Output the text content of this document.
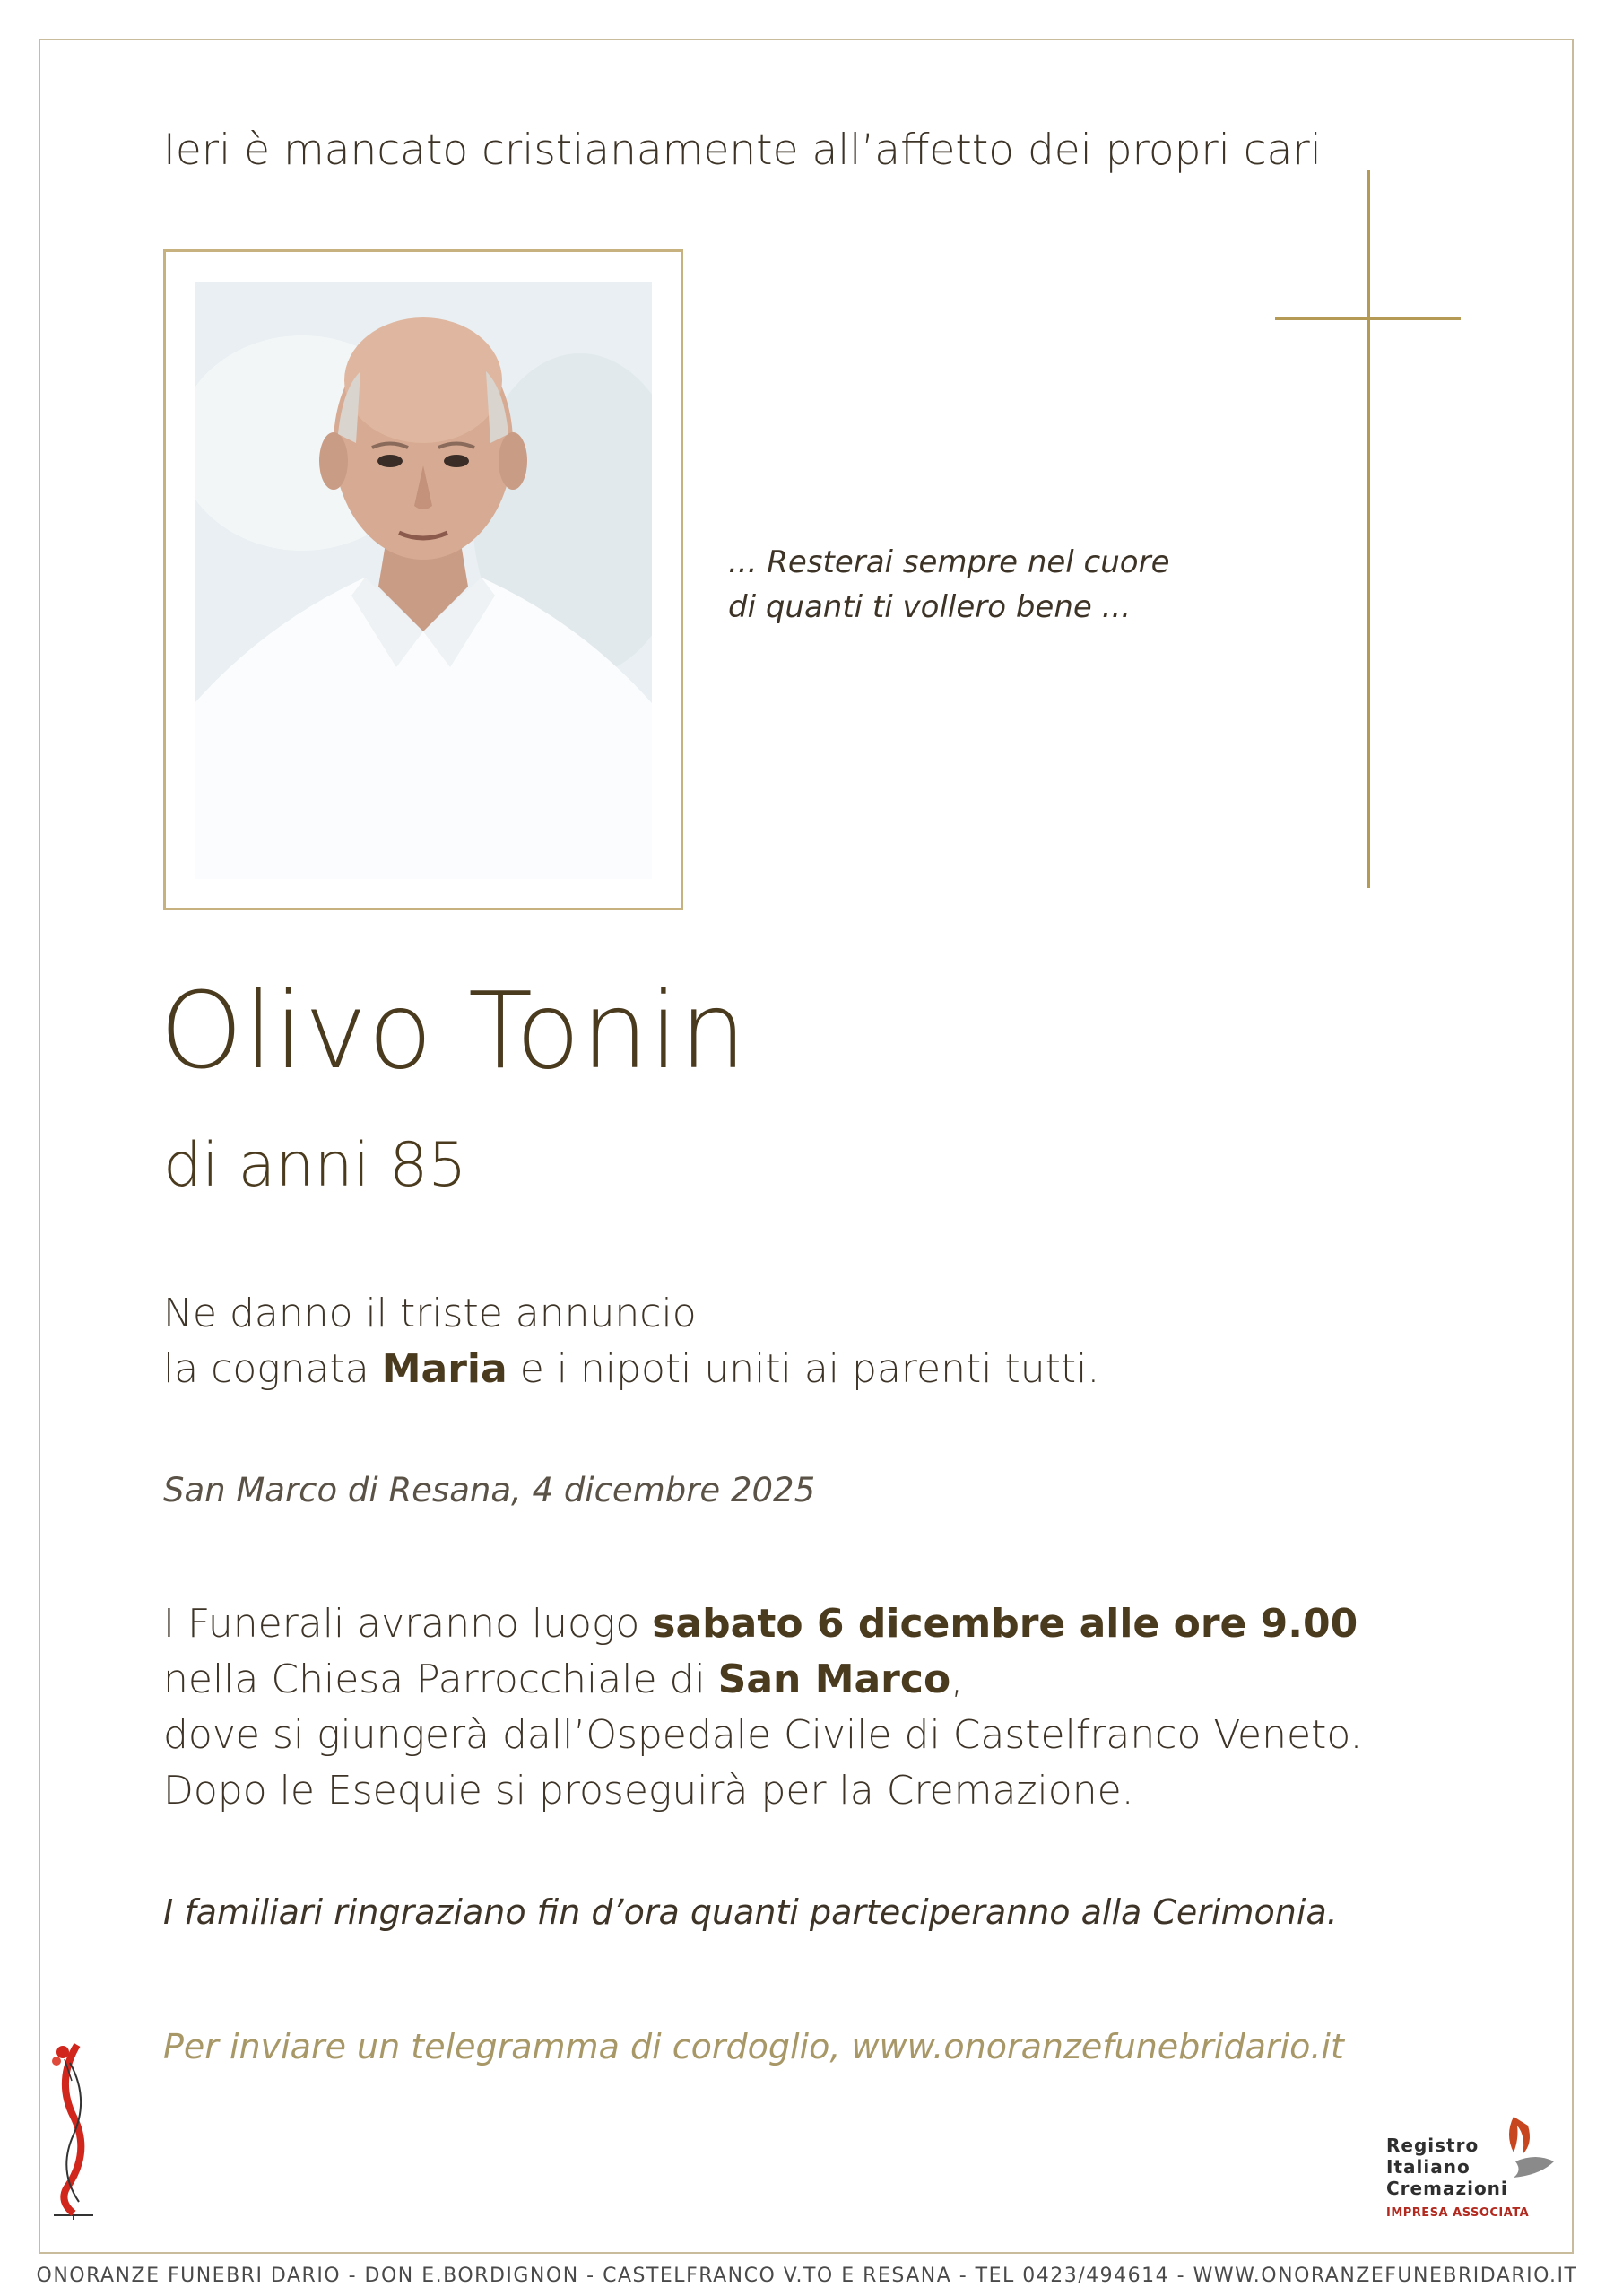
Ieri è mancato cristianamente all’affetto dei propri cari
... Resterai sempre nel cuore
di quanti ti vollero bene ...
Olivo Tonin
di anni 85
Ne danno il triste annuncio
la cognata Maria e i nipoti uniti ai parenti tutti.
San Marco di Resana, 4 dicembre 2025
I Funerali avranno luogo sabato 6 dicembre alle ore 9.00
nella Chiesa Parrocchiale di San Marco,
dove si giungerà dall’Ospedale Civile di Castelfranco Veneto.
Dopo le Esequie si proseguirà per la Cremazione.
I familiari ringraziano fin d’ora quanti parteciperanno alla Cerimonia.
Per inviare un telegramma di cordoglio, www.onoranzefunebridario.it
Registro
Italiano
Cremazioni
IMPRESA ASSOCIATA
ONORANZE FUNEBRI DARIO - DON E.BORDIGNON - CASTELFRANCO V.TO E RESANA - TEL 0423/494614 - WWW.ONORANZEFUNEBRIDARIO.IT
